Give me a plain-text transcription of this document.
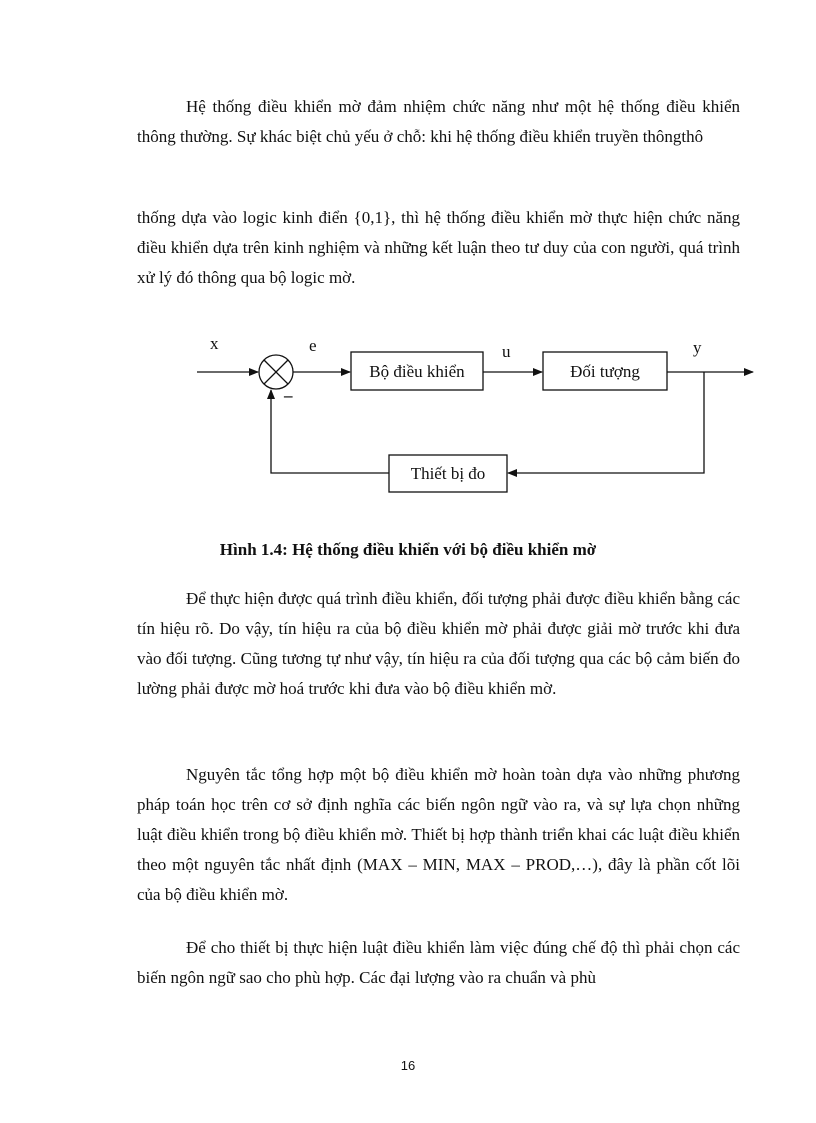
Hệ thống điều khiển mờ đảm nhiệm chức năng như một hệ thống điều khiển thông thường. Sự khác biệt chủ yếu ở chỗ: khi hệ thống điều khiển truyền thôngthô

thống dựa vào logic kinh điển {0,1}, thì hệ thống điều khiển mờ thực hiện chức năng điều khiển dựa trên kinh nghiệm và những kết luận theo tư duy của con người, quá trình xử lý đó thông qua bộ logic mờ.

x
–
e
Bộ điều khiển
u
Đối tượng
y
Thiết bị đo
Hình 1.4: Hệ thống điều khiển với bộ điều khiển mờ

Để thực hiện được quá trình điều khiển, đối tượng phải được điều khiển bằng các tín hiệu rõ. Do vậy, tín hiệu ra của bộ điều khiển mờ phải được giải mờ trước khi đưa vào đối tượng. Cũng tương tự như vậy, tín hiệu ra của đối tượng qua các bộ cảm biến đo lường phải được mờ hoá trước khi đưa vào bộ điều khiển mờ.

Nguyên tắc tổng hợp một bộ điều khiển mờ hoàn toàn dựa vào những phương pháp toán học trên cơ sở định nghĩa các biến ngôn ngữ vào ra, và sự lựa chọn những luật điều khiển trong bộ điều khiển mờ. Thiết bị hợp thành triển khai các luật điều khiển theo một nguyên tắc nhất định (MAX – MIN, MAX – PROD,…), đây là phần cốt lõi của bộ điều khiển mờ.

Để cho thiết bị thực hiện luật điều khiển làm việc đúng chế độ thì phải chọn các biến ngôn ngữ sao cho phù hợp. Các đại lượng vào ra chuẩn và phù

16
